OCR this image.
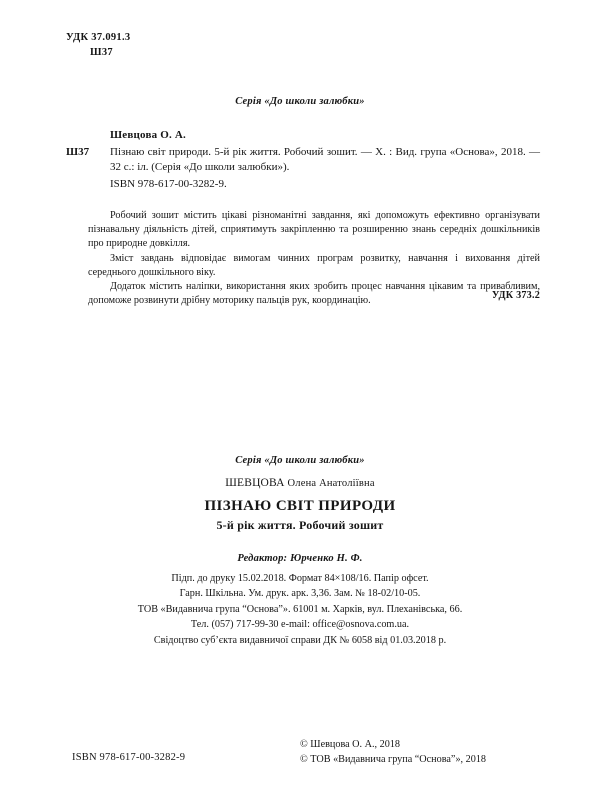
УДК 37.091.3
Ш37
Серія «До школи залюбки»
Шевцова О. А.
Ш37 Пізнаю світ природи. 5-й рік життя. Робочий зошит. — Х. : Вид. група «Основа», 2018. — 32 с.: іл. (Серія «До школи залюбки»).
ISBN 978-617-00-3282-9.

Робочий зошит містить цікаві різноманітні завдання, які допоможуть ефективно організувати пізнавальну діяльність дітей, сприятимуть закріпленню та розширенню знань середніх дошкільників про природне довкілля.

Зміст завдань відповідає вимогам чинних програм розвитку, навчання і виховання дітей середнього дошкільного віку.

Додаток містить наліпки, використання яких зробить процес навчання цікавим та привабливим, допоможе розвинути дрібну моторику пальців рук, координацію.	УДК 373.2
Серія «До школи залюбки»
ШЕВЦОВА Олена Анатоліївна
ПІЗНАЮ СВІТ ПРИРОДИ
5-й рік життя. Робочий зошит
Редактор: Юрченко Н. Ф.
Підп. до друку 15.02.2018. Формат 84×108/16. Папір офсет.
Гарн. Шкільна. Ум. друк. арк. 3,36. Зам. № 18-02/10-05.
ТОВ «Видавнича група “Основа”». 61001 м. Харків, вул. Плеханівська, 66.
Тел. (057) 717-99-30 e-mail: office@osnova.com.ua.
Свідоцтво суб’єкта видавничої справи ДК № 6058 від 01.03.2018 р.
ISBN 978-617-00-3282-9
© Шевцова О. А., 2018
© ТОВ «Видавнича група “Основа”», 2018
